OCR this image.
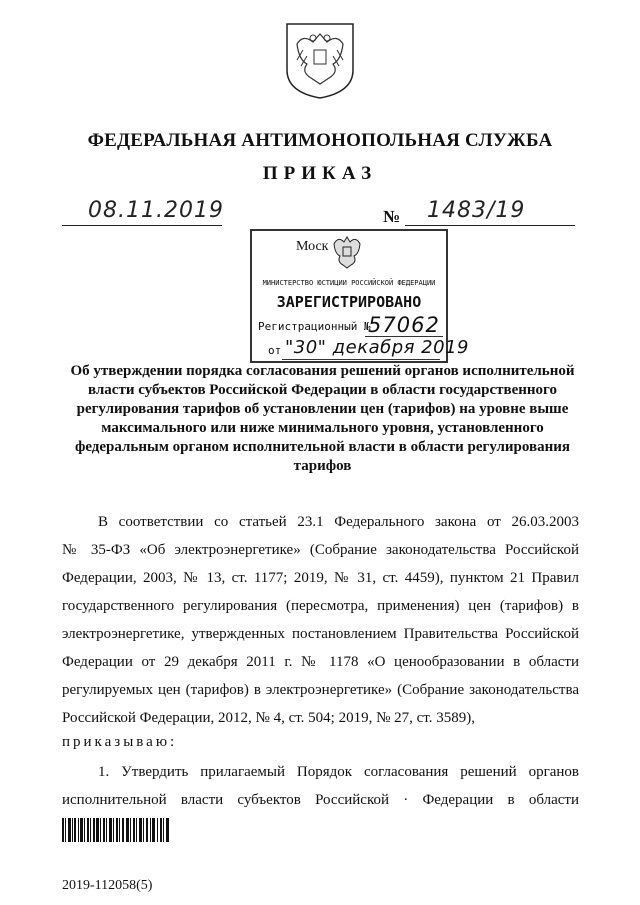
ФЕДЕРАЛЬНАЯ АНТИМОНОПОЛЬНАЯ СЛУЖБА
ПРИКАЗ
08.11.2019	№ 1483/19
Моск
МИНИСТЕРСТВО ЮСТИЦИИ РОССИЙСКОЙ ФЕДЕРАЦИИ
ЗАРЕГИСТРИРОВАНО
Регистрационный №
57062
от "30" декабря 2019
Об утверждении порядка согласования решений органов исполнительной власти субъектов Российской Федерации в области государственного регулирования тарифов об установлении цен (тарифов) на уровне выше максимального или ниже минимального уровня, установленного федеральным органом исполнительной власти в области регулирования тарифов
В соответствии со статьей 23.1 Федерального закона от 26.03.2003
№ 35-ФЗ «Об электроэнергетике» (Собрание законодательства Российской
Федерации, 2003, № 13, ст. 1177; 2019, № 31, ст. 4459), пунктом 21 Правил
государственного регулирования (пересмотра, применения) цен (тарифов) в
электроэнергетике, утвержденных постановлением Правительства Российской
Федерации от 29 декабря 2011 г. № 1178 «О ценообразовании в области
регулируемых цен (тарифов) в электроэнергетике» (Собрание законодательства
Российской Федерации, 2012, № 4, ст. 504; 2019, № 27, ст. 3589),
приказываю:
1. Утвердить прилагаемый Порядок согласования решений органов
исполнительной власти субъектов Российской · Федерации в области
2019-112058(5)
